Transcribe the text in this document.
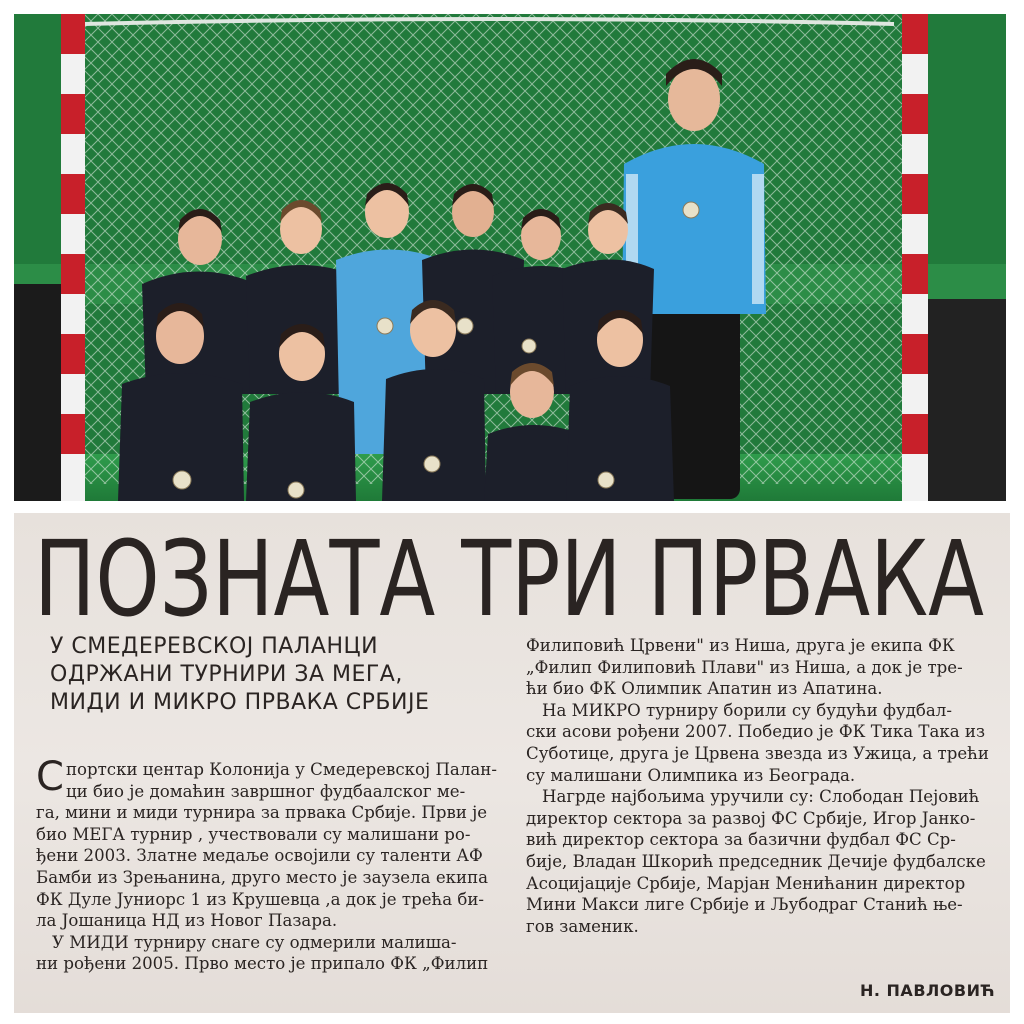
ПОЗНАТА ТРИ ПРВАКА
У СМЕДЕРЕВСКОЈ ПАЛАНЦИ
ОДРЖАНИ ТУРНИРИ ЗА МЕГА,
МИДИ И МИКРО ПРВАКА СРБИЈЕ
С портски центар Колонија у Смедеревској Палан-
ци био је домаћин завршног фудбаалског ме-
га, мини и миди турнира за првака Србије. Први је
био МЕГА турнир , учествовали су малишани ро-
ђени 2003. Златне медаље освојили су таленти АФ
Бамби из Зрењанина, друго место је заузела екипа
ФК Дуле Јуниорс 1 из Крушевца ,а док је трећа би-
ла Јошаница НД из Новог Пазара.
У МИДИ турниру снаге су одмерили малиша-
ни рођени 2005. Прво место је припало ФК „Филип
Филиповић Црвени" из Ниша, друга је екипа ФК
„Филип Филиповић Плави" из Ниша, а док је тре-
ћи био ФК Олимпик Апатин из Апатина.
На МИКРО турниру борили су будући фудбал-
ски асови рођени 2007. Победио је ФК Тика Така из
Суботице, друга је Црвена звезда из Ужица, а трећи
су малишани Олимпика из Београда.
Нагрде најбољима уручили су: Слободан Пејовић
директор сектора за развој ФС Србије, Игор Јанко-
вић директор сектора за базични фудбал ФС Ср-
бије, Владан Шкорић председник Дечије фудбалске
Асоцијације Србије, Марјан Менићанин директор
Мини Макси лиге Србије и Љубодраг Станић ње-
гов заменик.
Н. ПАВЛОВИЋ
